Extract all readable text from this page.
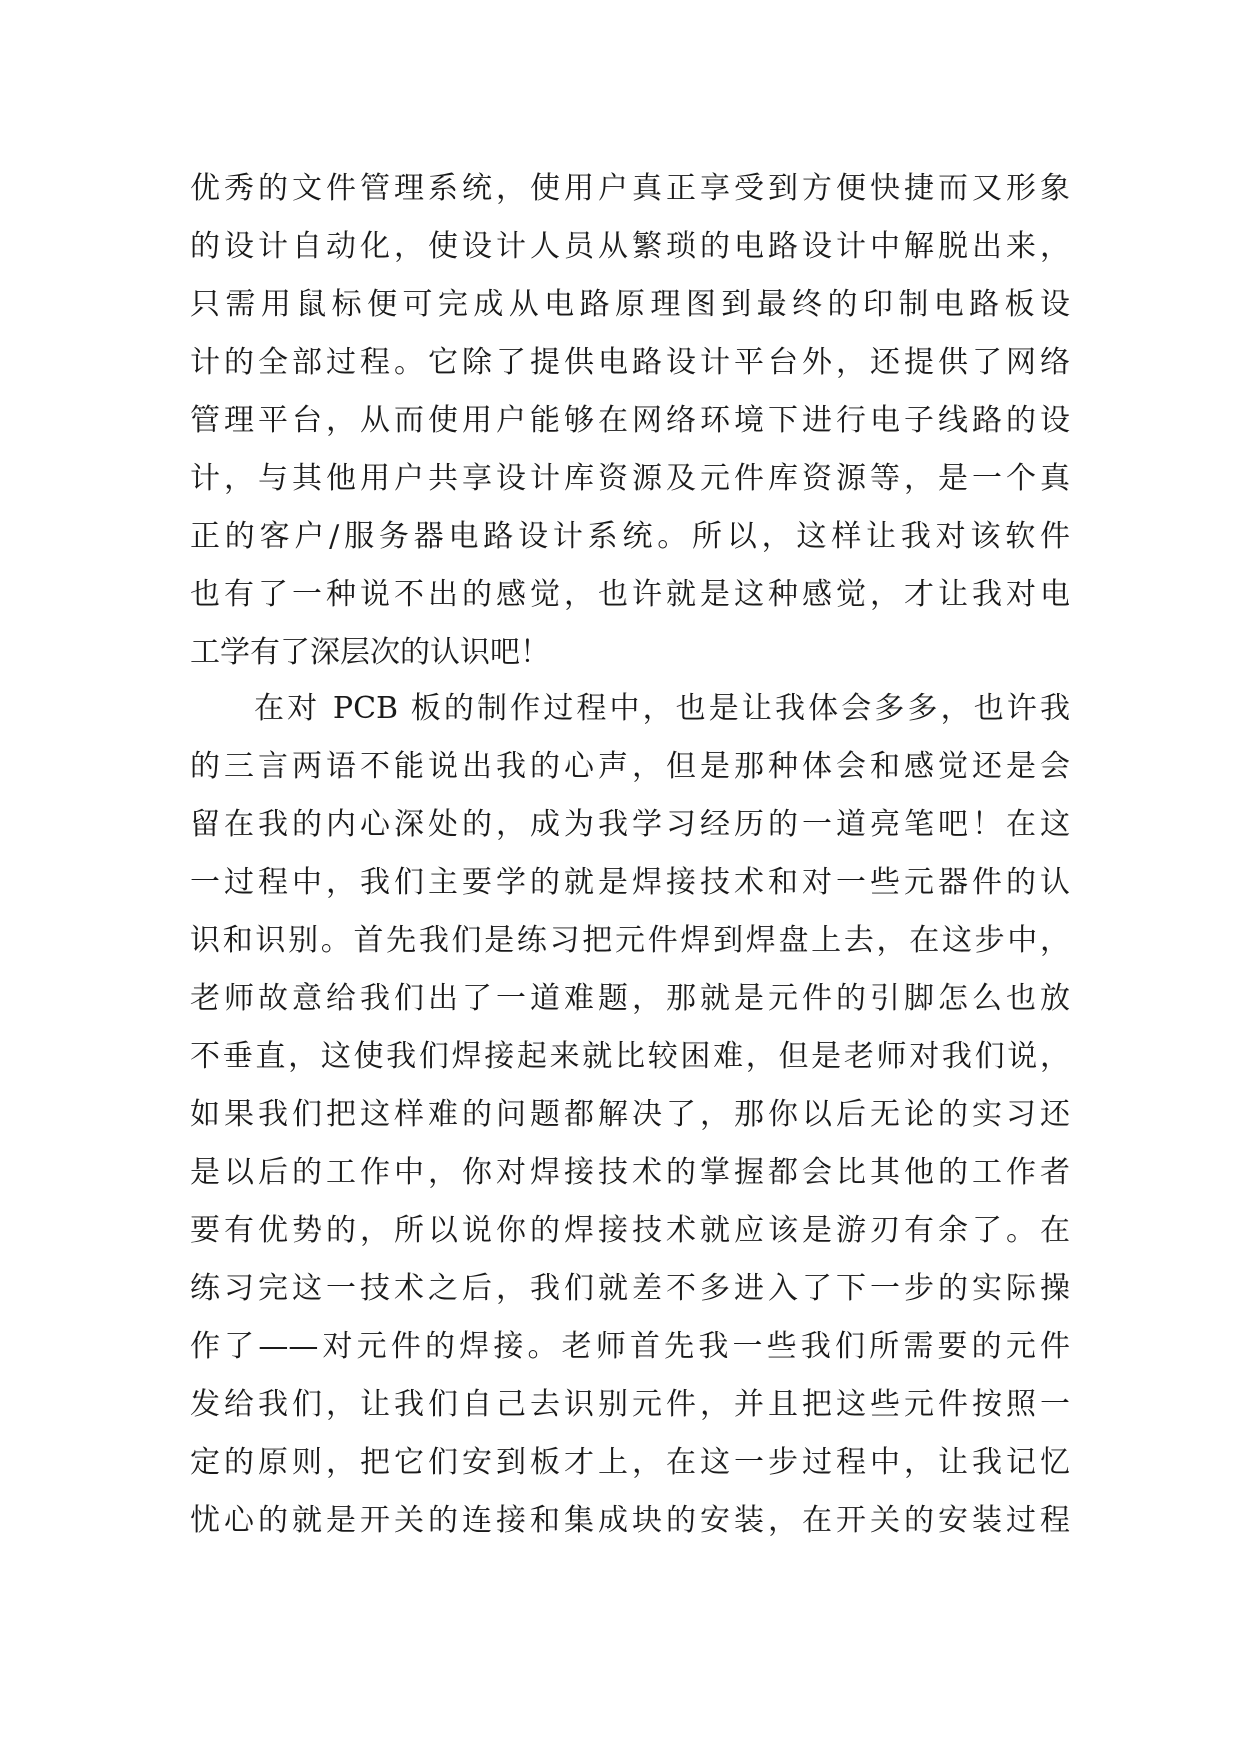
优秀的文件管理系统，使用户真正享受到方便快捷而又形象
的设计自动化，使设计人员从繁琐的电路设计中解脱出来，
只需用鼠标便可完成从电路原理图到最终的印制电路板设
计的全部过程。它除了提供电路设计平台外，还提供了网络
管理平台，从而使用户能够在网络环境下进行电子线路的设
计，与其他用户共享设计库资源及元件库资源等，是一个真
正的客户/服务器电路设计系统。所以，这样让我对该软件
也有了一种说不出的感觉，也许就是这种感觉，才让我对电
工学有了深层次的认识吧！
在对 PCB 板的制作过程中，也是让我体会多多，也许我
的三言两语不能说出我的心声，但是那种体会和感觉还是会
留在我的内心深处的，成为我学习经历的一道亮笔吧！在这
一过程中，我们主要学的就是焊接技术和对一些元器件的认
识和识别。首先我们是练习把元件焊到焊盘上去，在这步中，
老师故意给我们出了一道难题，那就是元件的引脚怎么也放
不垂直，这使我们焊接起来就比较困难，但是老师对我们说，
如果我们把这样难的问题都解决了，那你以后无论的实习还
是以后的工作中，你对焊接技术的掌握都会比其他的工作者
要有优势的，所以说你的焊接技术就应该是游刃有余了。在
练习完这一技术之后，我们就差不多进入了下一步的实际操
作了——对元件的焊接。老师首先我一些我们所需要的元件
发给我们，让我们自己去识别元件，并且把这些元件按照一
定的原则，把它们安到板才上，在这一步过程中，让我记忆
忧心的就是开关的连接和集成块的安装，在开关的安装过程
